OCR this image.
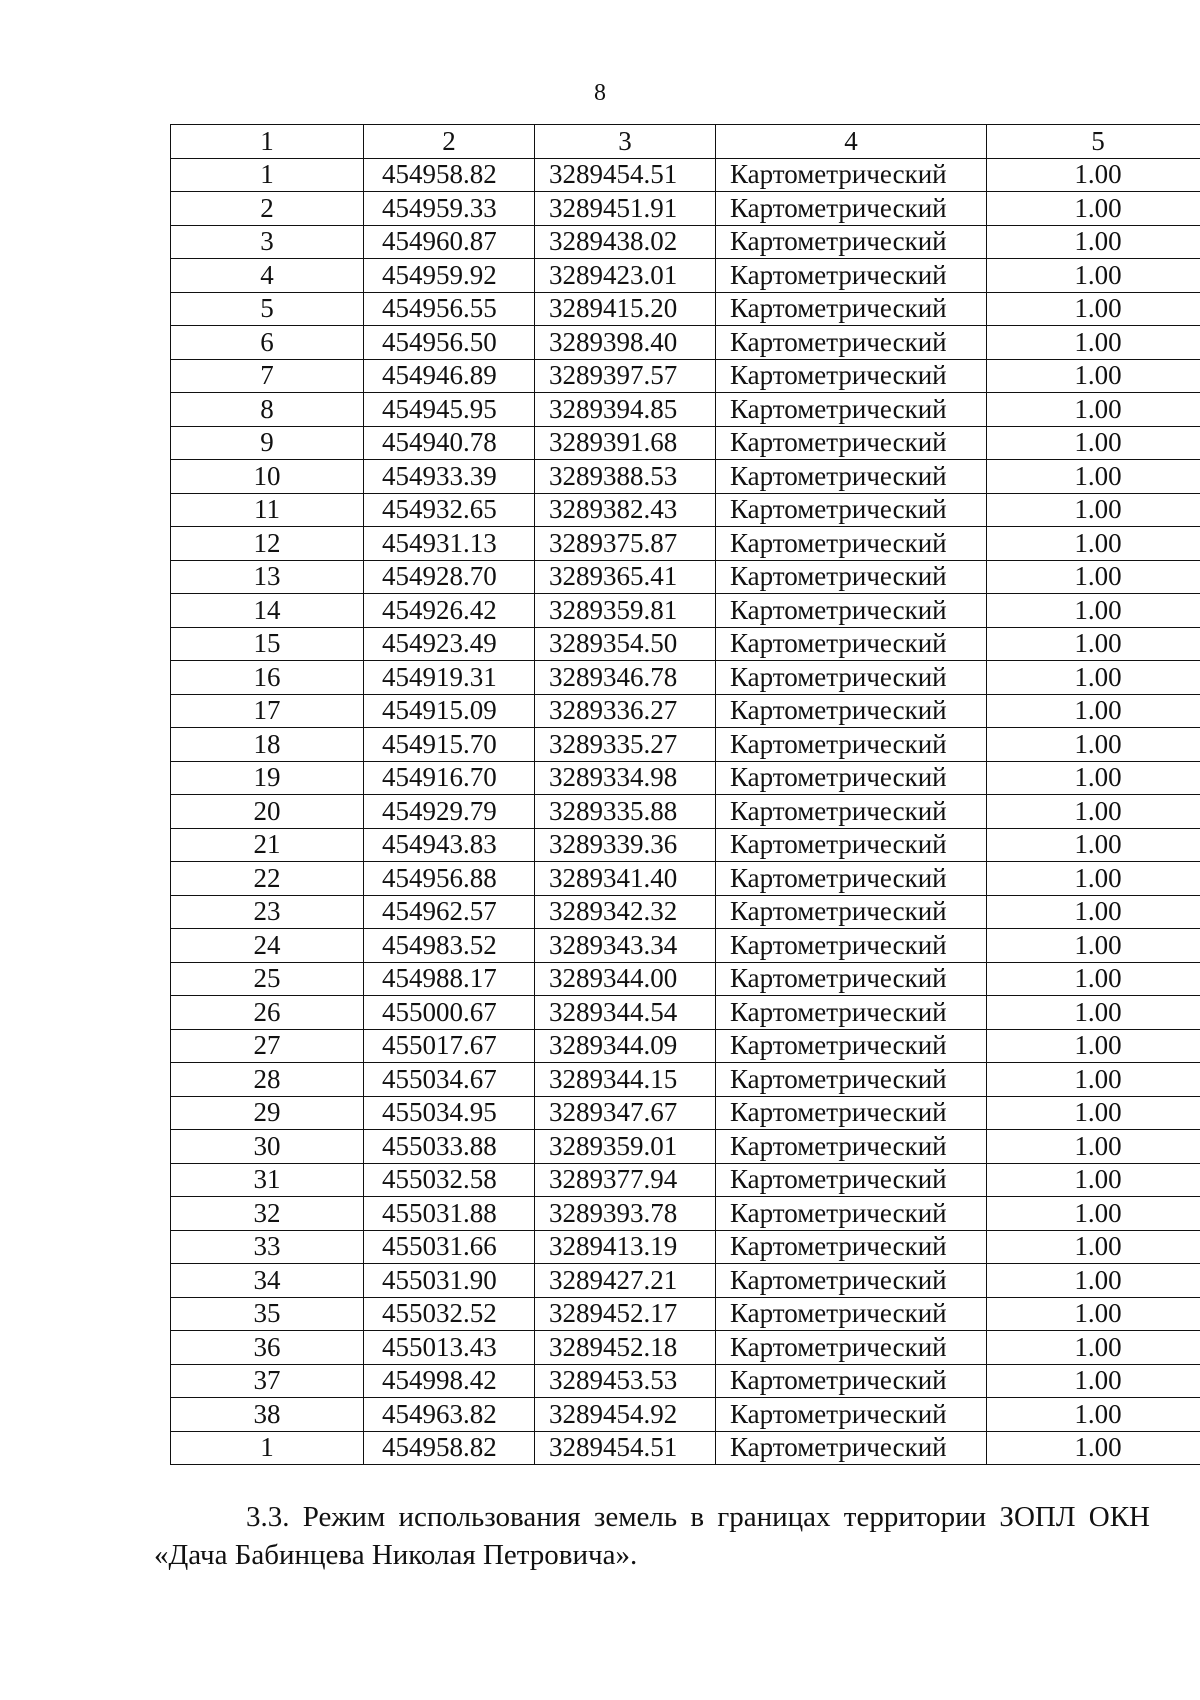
8
1	2	3	4	5
1	454958.82	3289454.51	Картометрический	1.00
2	454959.33	3289451.91	Картометрический	1.00
3	454960.87	3289438.02	Картометрический	1.00
4	454959.92	3289423.01	Картометрический	1.00
5	454956.55	3289415.20	Картометрический	1.00
6	454956.50	3289398.40	Картометрический	1.00
7	454946.89	3289397.57	Картометрический	1.00
8	454945.95	3289394.85	Картометрический	1.00
9	454940.78	3289391.68	Картометрический	1.00
10	454933.39	3289388.53	Картометрический	1.00
11	454932.65	3289382.43	Картометрический	1.00
12	454931.13	3289375.87	Картометрический	1.00
13	454928.70	3289365.41	Картометрический	1.00
14	454926.42	3289359.81	Картометрический	1.00
15	454923.49	3289354.50	Картометрический	1.00
16	454919.31	3289346.78	Картометрический	1.00
17	454915.09	3289336.27	Картометрический	1.00
18	454915.70	3289335.27	Картометрический	1.00
19	454916.70	3289334.98	Картометрический	1.00
20	454929.79	3289335.88	Картометрический	1.00
21	454943.83	3289339.36	Картометрический	1.00
22	454956.88	3289341.40	Картометрический	1.00
23	454962.57	3289342.32	Картометрический	1.00
24	454983.52	3289343.34	Картометрический	1.00
25	454988.17	3289344.00	Картометрический	1.00
26	455000.67	3289344.54	Картометрический	1.00
27	455017.67	3289344.09	Картометрический	1.00
28	455034.67	3289344.15	Картометрический	1.00
29	455034.95	3289347.67	Картометрический	1.00
30	455033.88	3289359.01	Картометрический	1.00
31	455032.58	3289377.94	Картометрический	1.00
32	455031.88	3289393.78	Картометрический	1.00
33	455031.66	3289413.19	Картометрический	1.00
34	455031.90	3289427.21	Картометрический	1.00
35	455032.52	3289452.17	Картометрический	1.00
36	455013.43	3289452.18	Картометрический	1.00
37	454998.42	3289453.53	Картометрический	1.00
38	454963.82	3289454.92	Картометрический	1.00
1	454958.82	3289454.51	Картометрический	1.00

3.3. Режим использования земель в границах территории ЗОПЛ ОКН
«Дача Бабинцева Николая Петровича».
